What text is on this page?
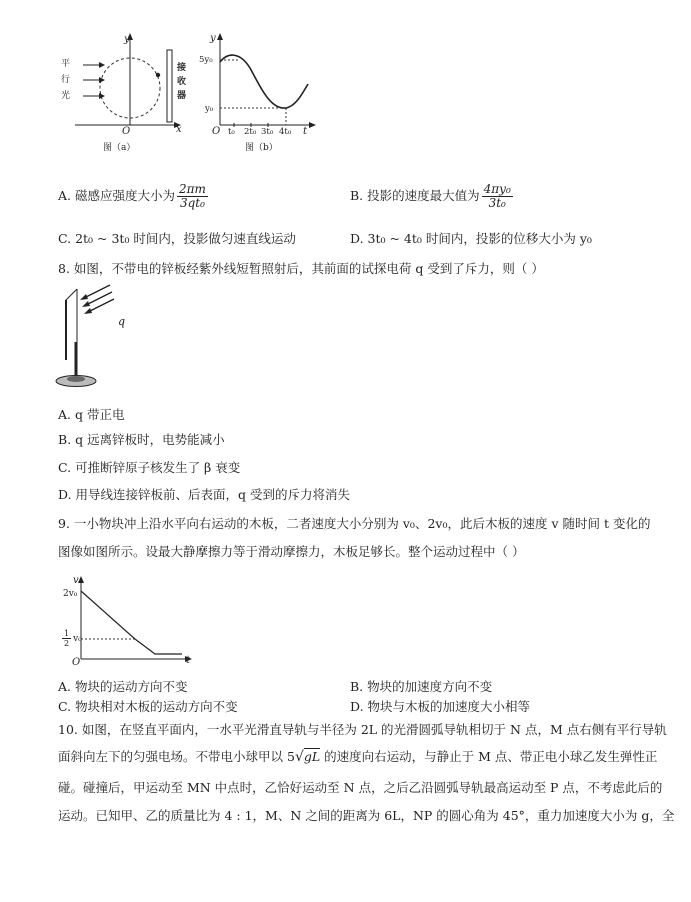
平
行
光
接
收
器
y
x
O
图（a）
y
5y₀
y₀
O t₀ 2t₀ 3t₀ 4t₀ t
图（b）
A. 磁感应强度大小为 $\frac{2\pi m}{\text{3qt₀}}$	B. 投影的速度最大值为 $\frac{\text{4πy₀}}{\text{3t₀}}$
C. 2t₀ ~ 3t₀ 时间内，投影做匀速直线运动	D. 3t₀ ~ 4t₀ 时间内，投影的位移大小为 y₀
8. 如图，不带电的锌板经紫外线短暂照射后，其前面的试探电荷 q 受到了斥力，则（ ）
q
A. q 带正电
B. q 远离锌板时，电势能减小
C. 可推断锌原子核发生了 β 衰变
D. 用导线连接锌板前、后表面，q 受到的斥力将消失
9. 一小物块冲上沿水平向右运动的木板，二者速度大小分别为 v₀、2v₀，此后木板的速度 v 随时间 t 变化的
图像如图所示。设最大静摩擦力等于滑动摩擦力，木板足够长。整个运动过程中（ ）
v
2v₀
$\frac{1}{2} v_0$
O	t
A. 物块的运动方向不变	B. 物块的加速度方向不变
C. 物块相对木板的运动方向不变	D. 物块与木板的加速度大小相等
10. 如图，在竖直平面内，一水平光滑直导轨与半径为 2L 的光滑圆弧导轨相切于 N 点，M 点右侧有平行导轨
面斜向左下的匀强电场。不带电小球甲以 5√gL 的速度向右运动，与静止于 M 点、带正电小球乙发生弹性正
碰。碰撞后，甲运动至 MN 中点时，乙恰好运动至 N 点，之后乙沿圆弧导轨最高运动至 P 点，不考虑此后的
运动。已知甲、乙的质量比为 4 : 1，M、N 之间的距离为 6L，NP 的圆心角为 45°，重力加速度大小为 g，全
